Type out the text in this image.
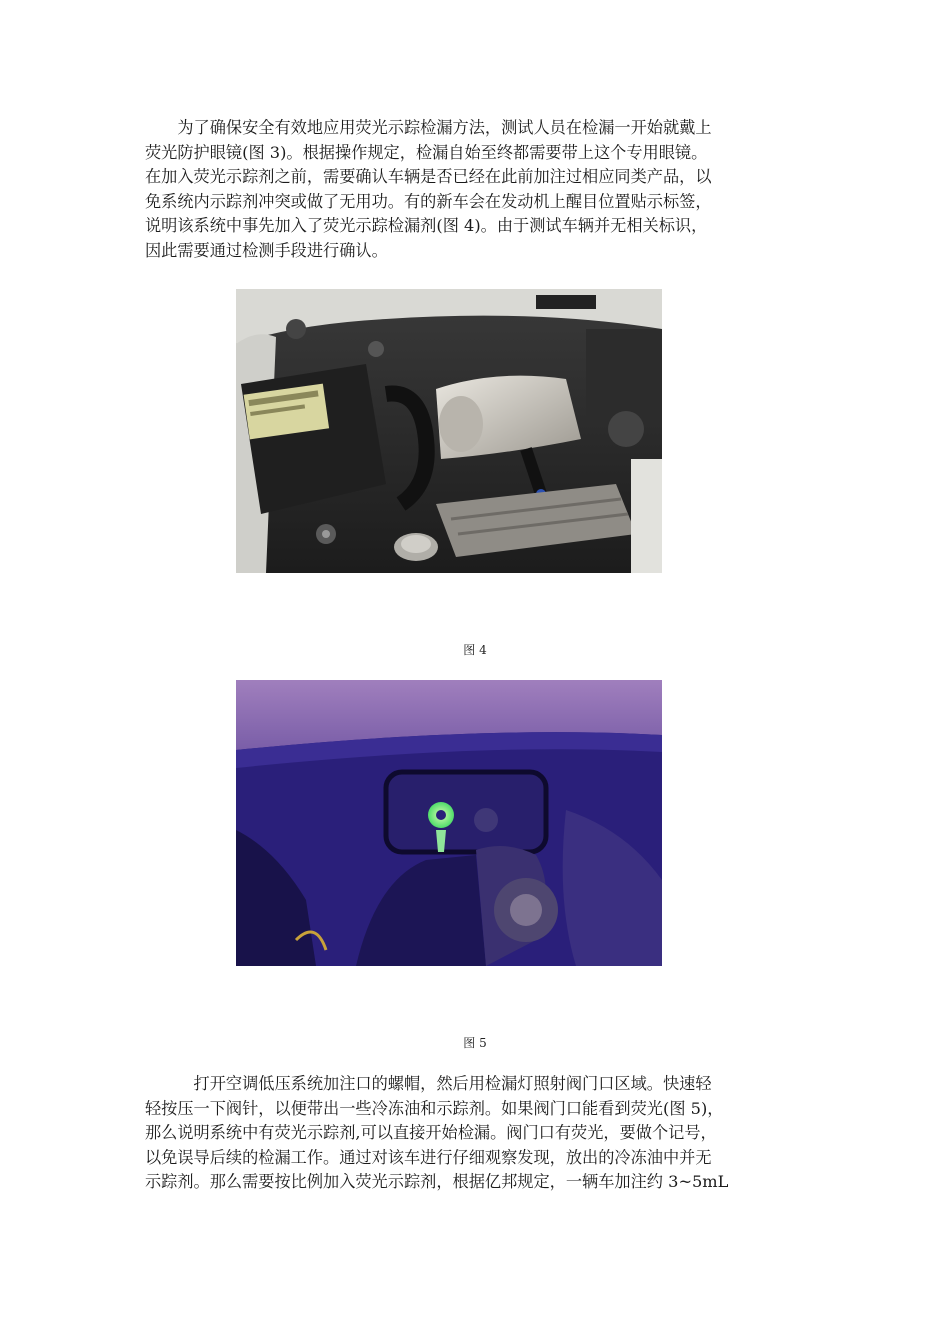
　　为了确保安全有效地应用荧光示踪检漏方法，测试人员在检漏一开始就戴上
荧光防护眼镜(图 3)。根据操作规定，检漏自始至终都需要带上这个专用眼镜。
在加入荧光示踪剂之前，需要确认车辆是否已经在此前加注过相应同类产品，以
免系统内示踪剂冲突或做了无用功。有的新车会在发动机上醒目位置贴示标签，
说明该系统中事先加入了荧光示踪检漏剂(图 4)。由于测试车辆并无相关标识，
因此需要通过检测手段进行确认。
图 4
图 5
　　　打开空调低压系统加注口的螺帽，然后用检漏灯照射阀门口区域。快速轻
轻按压一下阀针，以便带出一些冷冻油和示踪剂。如果阀门口能看到荧光(图 5)，
那么说明系统中有荧光示踪剂,可以直接开始检漏。阀门口有荧光，要做个记号，
以免误导后续的检漏工作。通过对该车进行仔细观察发现，放出的冷冻油中并无
示踪剂。那么需要按比例加入荧光示踪剂，根据亿邦规定，一辆车加注约 3~5mL
